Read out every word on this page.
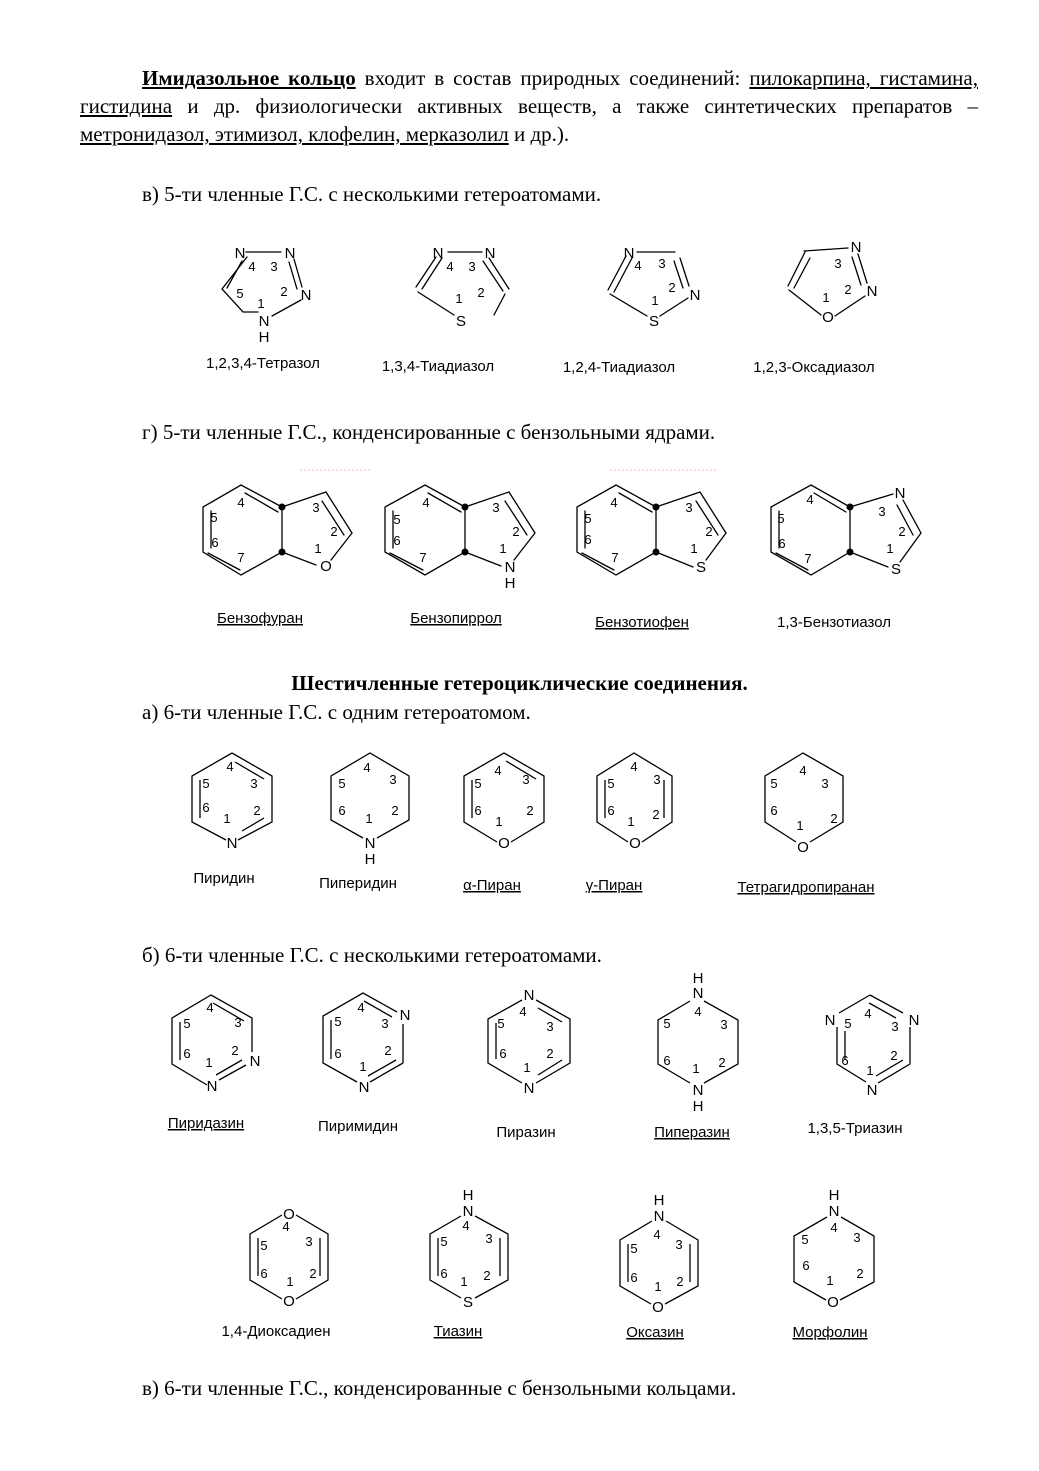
Имидазольное кольцо входит в состав природных соединений: пилокарпина, гистамина, гистидина и др. физиологически активных веществ, а также синтетических препаратов – метронидазол, этимизол, клофелин, мерказолил и др.).
в) 5-ти членные Г.С. с несколькими гетероатомами.
г) 5-ти членные Г.С., конденсированные с бензольными ядрами.
Шестичленные гетероциклические соединения.
а) 6-ти членные Г.С. с одним гетероатомом.
б) 6-ти членные Г.С. с несколькими гетероатомами.
в) 6-ти членные Г.С., конденсированные с бензольными кольцами.
N	N
N
N
H
1
2
3
4
5
N	N
S
1 2
4 3
N
N
S
1
2
3
4
N
N
O
1
2
3
O
1
2
3
4
5
6
7
N
H
1
2
3
4
5
6
7
S
1
2
3
4
5
6
7
N
S
1
2
3
4
5
6
7
N
1
2
3
4
5
6
N
H
1
2
3
4
5
6
O
1
2
3
4
5
6
O
1 2
3
4
5
6
O
1 2
3
4
5
6
N
N
1
2
3
4
5
6
N
N
1
2
3
4
5
6
N
N
1
2
3
4
5
6
N
H
N
H
1 2
3
4
5
6
N	N
N
1
2
3
4
5
6
O
O
1
2
3
4
5
6
H
N
S
1 2
3
4
5
6
H
N
O
1 2
3
4
5
6
H
N
O
1 2
3
4
5
6
1,2,3,4-Тетразол	1,3,4-Тиадиазол	1,2,4-Тиадиазол	1,2,3-Оксадиазол
Бензофуран	Бензопиррол	Бензотиофен	1,3-Бензотиазол
Пиридин	Пиперидин	α-Пиран	γ-Пиран	Тетрагидропиранан
Пиридазин	Пиримидин	Пиразин	Пиперазин	1,3,5-Триазин
1,4-Диоксадиен	Тиазин	Оксазин	Морфолин
